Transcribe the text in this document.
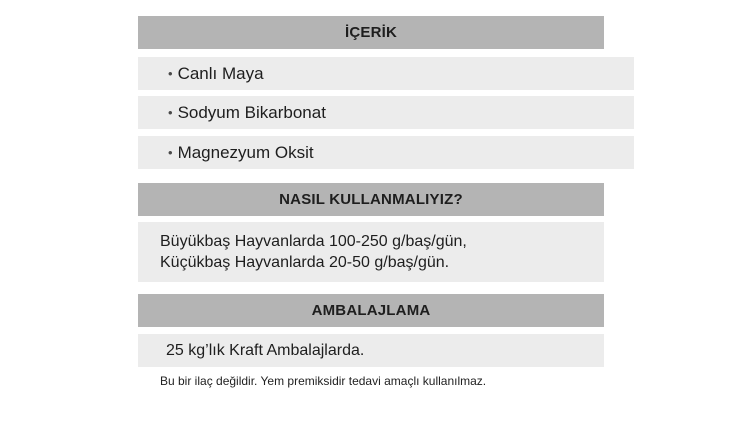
İÇERİK
• Canlı Maya
• Sodyum Bikarbonat
• Magnezyum Oksit
NASIL KULLANMALIYIZ?
Büyükbaş Hayvanlarda 100-250 g/baş/gün,
Küçükbaş Hayvanlarda 20-50 g/baş/gün.
AMBALAJLAMA
25 kg’lık Kraft Ambalajlarda.
Bu bir ilaç değildir. Yem premiksidir tedavi amaçlı kullanılmaz.
